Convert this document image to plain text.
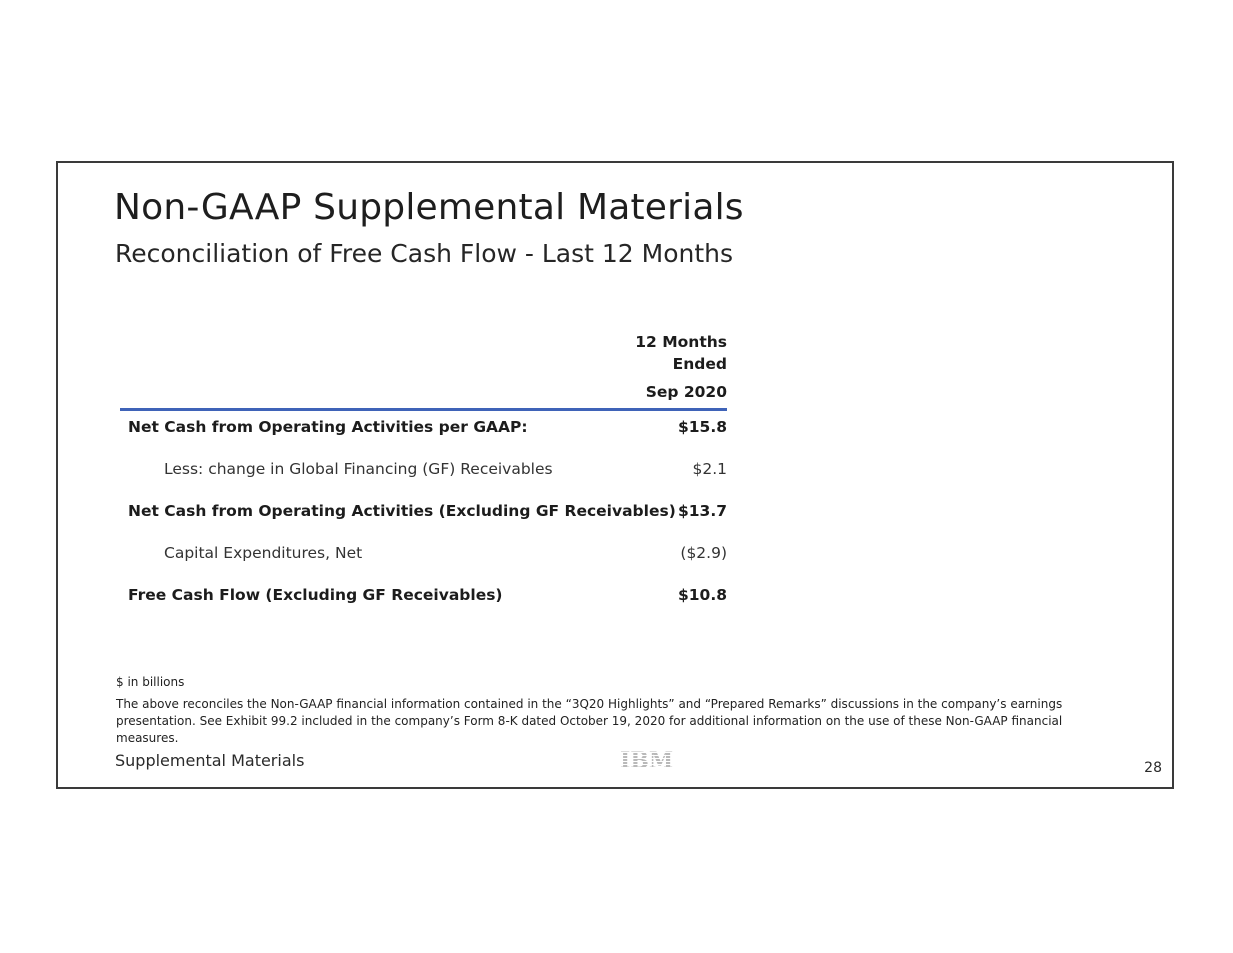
Non-GAAP Supplemental Materials
Reconciliation of Free Cash Flow - Last 12 Months
12 Months
Ended
Sep 2020
Net Cash from Operating Activities per GAAP:	$15.8
Less: change in Global Financing (GF) Receivables	$2.1
Net Cash from Operating Activities (Excluding GF Receivables) $13.7
Capital Expenditures, Net	($2.9)
Free Cash Flow (Excluding GF Receivables)	$10.8
$ in billions
The above reconciles the Non-GAAP financial information contained in the “3Q20 Highlights” and “Prepared Remarks” discussions in the company’s earnings presentation. See Exhibit 99.2 included in the company’s Form 8-K dated October 19, 2020 for additional information on the use of these Non-GAAP financial measures.
Supplemental Materials	IBM	28
